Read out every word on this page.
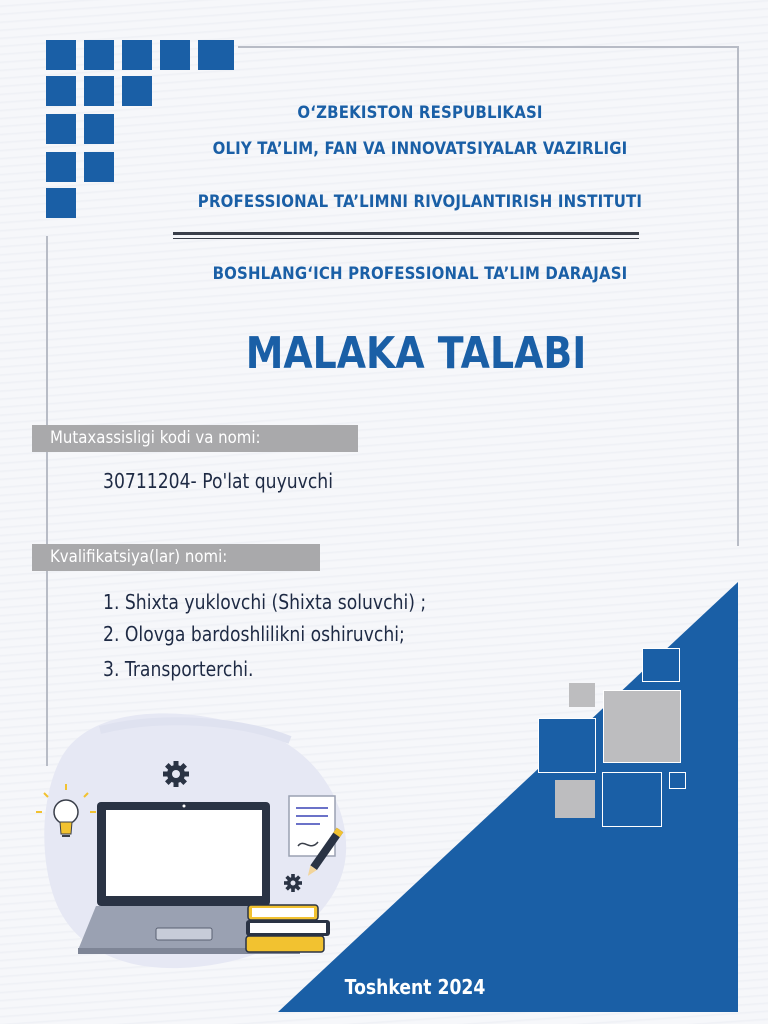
O‘ZBEKISTON RESPUBLIKASI
OLIY TA’LIM, FAN VA INNOVATSIYALAR VAZIRLIGI
PROFESSIONAL TA’LIMNI RIVOJLANTIRISH INSTITUTI
BOSHLANG‘ICH PROFESSIONAL TA’LIM DARAJASI
MALAKA TALABI
Mutaxassisligi kodi va nomi:
30711204- Po'lat quyuvchi
Kvalifikatsiya(lar) nomi:
1. Shixta yuklovchi (Shixta soluvchi) ;
2. Olovga bardoshlilikni oshiruvchi;
3. Transporterchi.
Toshkent 2024
